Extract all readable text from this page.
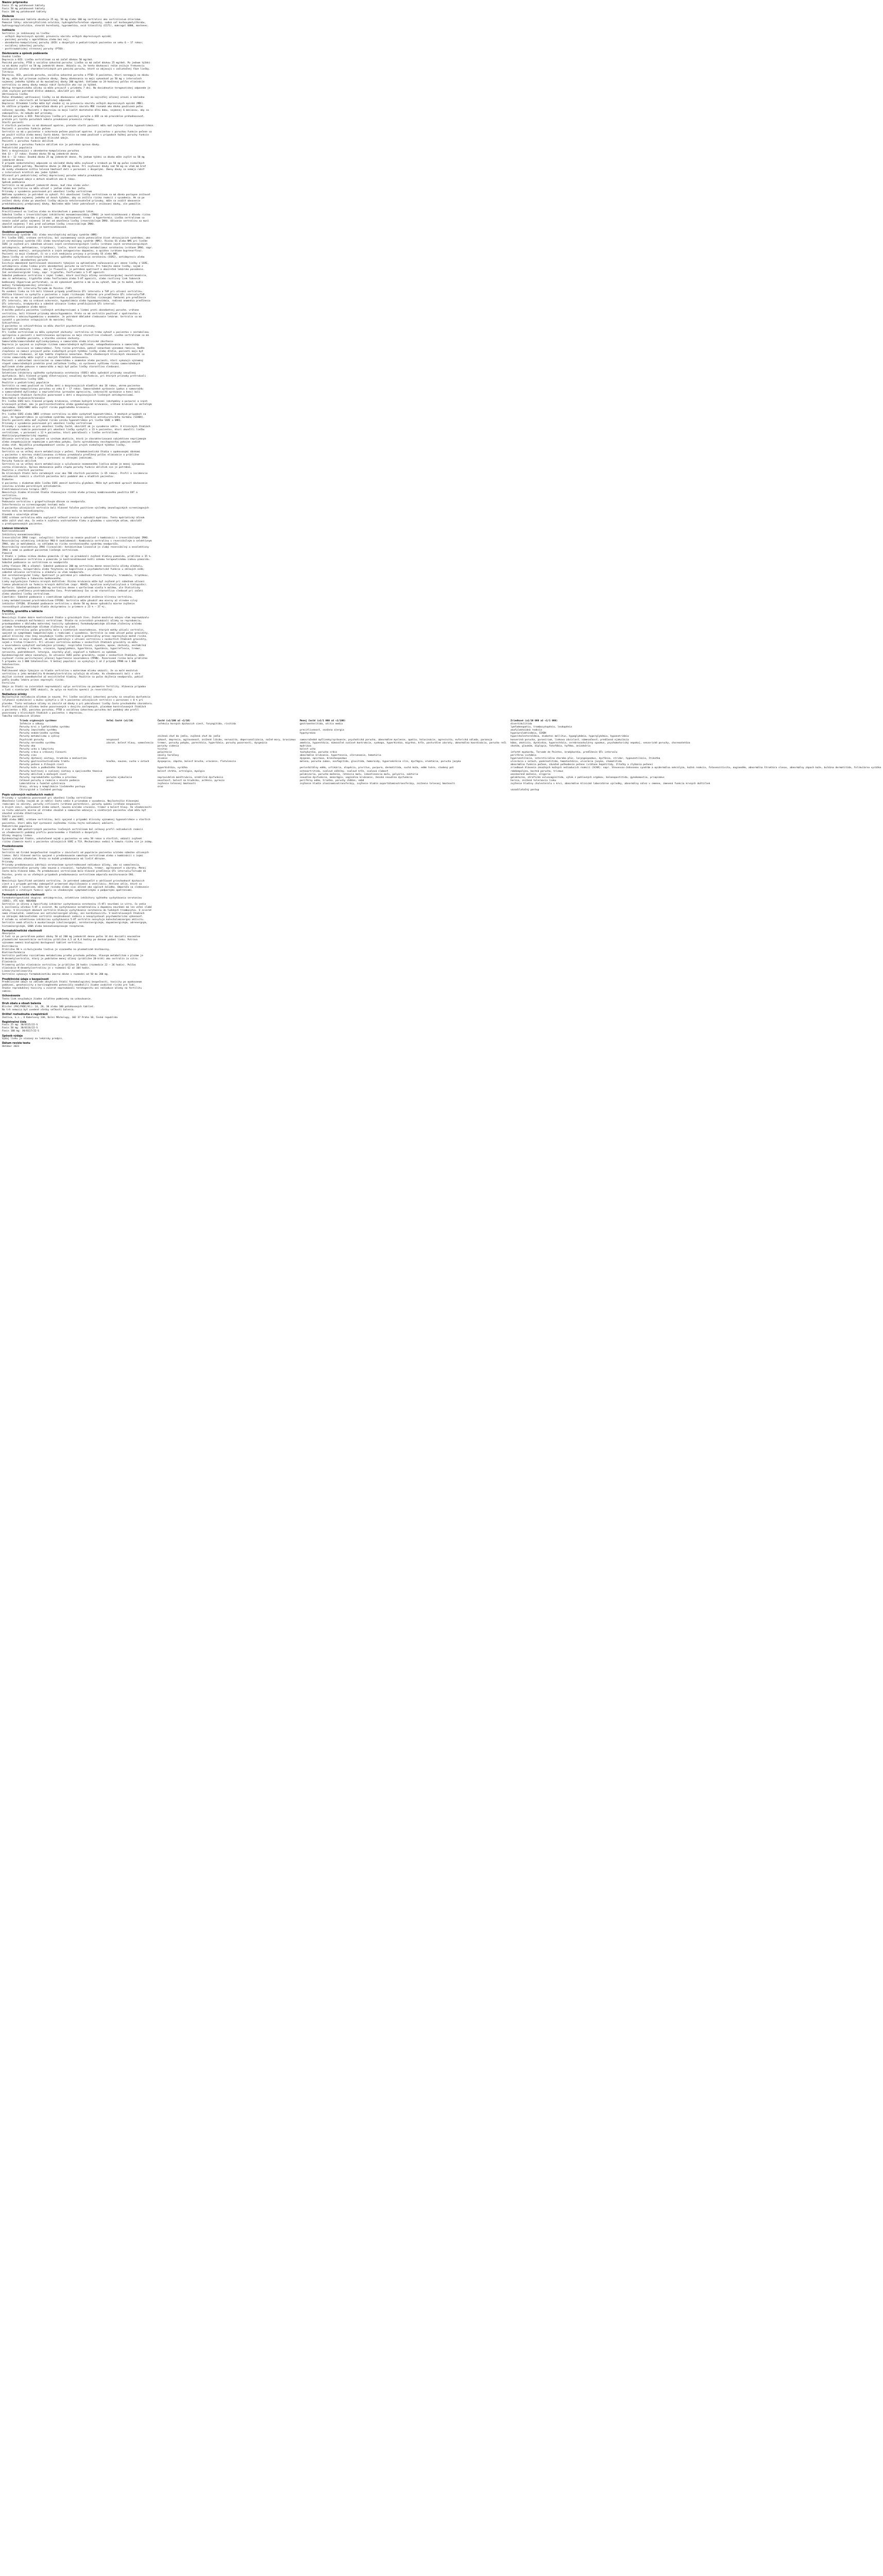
Nazov pripravku
Foxis 25 mg potahované tablety
Foxis 50 mg potahované tablety
Foxis 100 mg potahované tablety
Zloženie
Kazda potahovaná tableta obsahuje 25 mg, 50 mg alebo 100 mg sertralini ako sertralinium chloridum.
Pomocné látky: mikrokryštalická celulóza, hydrogénfosforečnan vápenatý, sodná soľ karboxymetylškrobu,
hydroxypropylcelulóza, stearát horečnatý, hypromelóza, oxid titaničitý (E171), makrogol 6000, mastenec.
Indikácie
Sertralín je indikovaný na liečbu:
- veľkých depresívnych epizód; prevenciu návratu veľkých depresívnych epizód;
- panickej poruchy s agorafóbiou alebo bez nej;
- obsedantno-kompulzívnej poruchy (OCD) u dospelých a pediatrických pacientov vo veku 6 – 17 rokov;
- sociálnej úzkostnej poruchy;
- posttraumatickej stresovej poruchy (PTSD).
Dávkovanie a spôsob podávania
Úvodná liečba
Depresia a OCD: Liečba sertralínom sa má začať dávkou 50 mg/deň.
Panická porucha, PTSD a sociálna úzkostná porucha: Liečba sa má začať dávkou 25 mg/deň. Po jednom týždni
sa má dávka zvýšiť na 50 mg jedenkrát denne. Ukázalo sa, že tento dávkovací režim znižuje frekvenciu
nežiaducich účinkov charakteristických pre panickú poruchu, ktoré sa objavujú v začiatočnej fáze liečby.
Titrácia
Depresia, OCD, panická porucha, sociálna úzkostná porucha a PTSD: U pacientov, ktorí nereagujú na dávku
50 mg, môže byť prínosom zvýšenie dávky. Zmeny dávkovania sa majú vykonávať po 50 mg v intervaloch
najmenej jedného týždňa až do maximálnej dávky 200 mg/deň. Vzhľadom na 24-hodinový polčas eliminácie
sertralínu sa zmeny dávky nemajú robiť častejšie ako raz za týždeň.
Nástup terapeutického účinku sa môže prejaviť v priebehu 7 dní. Na dosiahnutie terapeutickej odpovede je
však zvyčajne potrebné dlhšie obdobie, obzvlášť pri OCD.
Udržiavacia liečba
Počas dlhodobej udržiavacej liečby sa má dávkovanie udržiavať na najnižšej účinnej úrovni a následne
upravovať v závislosti od terapeutickej odpovede.
Depresia: Dlhodobá liečba môže byť vhodná aj na prevenciu návratu veľkých depresívnych epizód (MDE).
Vo väčšine prípadov je odporúčaná dávka pri prevencii návratu MDE rovnaká ako dávka používaná počas
súčasnej epizódy. Pacienti s depresiou sa majú liečiť dostatočne dlhú dobu, najmenej 6 mesiacov, aby sa
zabezpečilo, že nebudú mať príznaky.
Panická porucha a OCD: Pokračujúca liečba pri panickej poruche a OCD sa má pravidelne prehodnocovať,
pretože pri týchto poruchách nebola preukázaná prevencia relapsu.
Starší pacienti
U starších pacientov sa má dávkovať opatrne, pretože starší pacienti môžu mať zvýšené riziko hyponatriémie.
Pacienti s poruchou funkcie pečene
Sertralín sa má u pacientov s ochorením pečene používať opatrne. U pacientov s poruchou funkcie pečene sa
má použiť nižšia alebo menej častá dávka. Sertralín sa nemá používať v prípadoch ťažkej poruchy funkcie
pečene, pretože nie sú dostupné klinické údaje.
Pacienti s poruchou funkcie obličiek
U pacientov s poruchou funkcie obličiek nie je potrebná úprava dávky.
Pediatrická populácia
Deti a dospievajúci s obsedantno-kompulzívnou poruchou
Vek 13 – 17 rokov: Úvodná dávka 50 mg jedenkrát denne.
Vek 6 – 12 rokov: Úvodná dávka 25 mg jedenkrát denne. Po jednom týždni sa dávka môže zvýšiť na 50 mg
jedenkrát denne.
V prípade nedostatočnej odpovede sa následné dávky môžu zvyšovať v krokoch po 50 mg počas niekoľkých
týždňov podľa potreby. Maximálna dávka je 200 mg denne. Pri zvyšovaní dávky nad 50 mg sa však má brať
do úvahy všeobecne nižšia telesná hmotnosť detí v porovnaní s dospelými. Zmeny dávky sa nemajú robiť
v intervaloch kratších ako jeden týždeň.
Účinnosť pri pediatrickej veľkej depresívnej poruche nebola preukázaná.
Nie sú dostupné údaje o deťoch mladších ako 6 rokov.
Spôsob podávania
Sertralín sa má podávať jedenkrát denne, buď ráno alebo večer.
Tablety sertralínu sa môžu užívať s jedlom alebo bez jedla.
Príznaky z vysadenia pozorované pri ukončení liečby sertralínom
Náhlemu vysadeniu je potrebné sa vyhnúť. Pri ukončovaní liečby sertralínom sa má dávka postupne znižovať
počas obdobia najmenej jedného až dvoch týždňov, aby sa znížilo riziko reakcií z vysadenia. Ak sa po
znížení dávky alebo po ukončení liečby objavia netolerovateľné príznaky, môže sa zvážiť obnovenie
predchádzajúcej predpísanej dávky. Následne môže lekár pokračovať v znižovaní dávky, ale pomalšie.
Kontraindikácie
Precitlivenosť na liečivo alebo na ktorúkoľvek z pomocných látok.
Súbežná liečba s ireverzibilnými inhibítormi monoaminooxidázy (IMAO) je kontraindikovaná z dôvodu rizika
serotonínového syndrómu s príznakmi, ako je agitovanosť, tremor a hypertermia. Liečba sertralínom sa
nesmie začať počas najmenej 14 dní od ukončenia liečby ireverzibilným IMAO. Užívanie sertralínu sa musí
ukončiť najmenej 7 dní pred začiatkom liečby ireverzibilným IMAO.
Súbežné užívanie pimozidu je kontraindikované.
Osobitné upozornenia
Serotonínový syndróm (SS) alebo neuroleptický malígny syndróm (NMS)
Pri liečbe SSRI, vrátane sertralínu, bol zaznamenaný vznik potenciálne život ohrozujúcich syndrómov, ako
je serotonínový syndróm (SS) alebo neuroleptický malígny syndróm (NMS). Riziko SS alebo NMS pri liečbe
SSRI je zvýšené pri súbežnom užívaní iných serotonínergických liečiv (vrátane iných serotonínergických
antidepresív, amfetamínov, triptánov), liečiv, ktoré narúšajú metabolizmus serotonínu (vrátane IMAO, napr.
metylénovej modrej), antipsychotík a iných antagonistov dopamínu, a opiátov (vrátane buprenorfínu).
Pacienti sa majú sledovať, či sa u nich neobjavia prejavy a príznaky SS alebo NMS.
Zmena liečby zo selektívnych inhibítorov spätného vychytávania serotonínu (SSRI), antidepresív alebo
liekov proti obsedantnej poruche
Existujú obmedzené kontrolované skúsenosti týkajúce sa optimálneho načasovania pri zmene liečby z SSRI,
antidepresív alebo liekov proti obsedantnej poruche na sertralín. Pri takejto zmene liečby, najmä z
dlhodobo pôsobiacich liekov, ako je fluoxetín, je potrebná opatrnosť a obozretné lekárske posúdenie.
Iné serotonínergické lieky, napr. tryptofán, fenfluramín a 5-HT agonisti
Súbežné podávanie sertralínu s inými liekmi, ktoré zosilňujú účinky serotonínergickej neurotransmisie,
ako sú amfetamíny, tryptofán alebo fenfluramín alebo 5-HT agonisti, alebo rastlinný liek ľubovník
bodkovaný (Hypericum perforatum), sa má vykonávať opatrne a má sa mu vyhnúť, kde je to možné, kvôli
možnej farmakodynamickej interakcii.
Predĺženie QTc intervalu/Torsade de Pointes (TdP)
Po uvedení lieku na trh boli hlásené prípady predĺženia QTc intervalu a TdP pri užívaní sertralínu.
Väčšina hlásení sa vyskytla u pacientov s inými rizikovými faktormi pre predĺženie QTc intervalu/TdP.
Preto sa má sertralín používať s opatrnosťou u pacientov s ďalšími rizikovými faktormi pre predĺženie
QTc intervalu, ako sú srdcové ochorenie, hypokaliémia alebo hypomagneziémia, rodinná anamnéza predĺženia
QTc intervalu, bradykardia a súbežné užívanie liekov predlžujúcich QTc interval.
Aktivácia hypománie alebo mánie
U malého podielu pacientov liečených antidepresívami a liekmi proti obsedantnej poruche, vrátane
sertralínu, boli hlásené príznaky mánie/hypománie. Preto sa má sertralín používať s opatrnosťou u
pacientov s mániou/hypomániou v anamnéze. Je potrebné dôkladné sledovanie lekárom. Sertralín sa má
vysadiť u pacientov vstupujúcich do manickej fázy.
Schizofrénia
U pacientov so schizofréniou sa môžu zhoršiť psychotické príznaky.
Epileptické záchvaty
Pri liečbe sertralínom sa môžu vyskytnúť záchvaty: sertralínu sa treba vyhnúť u pacientov s nestabilnou
epilepsiou a pacienti s kontrolovanou epilepsiou sa majú starostlivo sledovať. Liečba sertralínom sa má
ukončiť u každého pacienta, u ktorého vzniknú záchvaty.
Samovražda/samovražedné myšlienky/pokusy o samovraždu alebo klinické zhoršenie
Depresia je spojená so zvýšeným rizikom samovražedných myšlienok, sebapoškodzovania a samovraždy
(udalosti súvisiace so samovraždou). Toto riziko pretrváva, pokiaľ nenastane významná remisia. Keďže
zlepšenie sa nemusí prejaviť počas niekoľkých prvých týždňov liečby alebo dlhšie, pacienti majú byť
starostlivo sledovaní, až kým takéto zlepšenie nenastane. Podľa všeobecných klinických skúseností sa
riziko samovraždy môže zvýšiť v skorých štádiách zotavovania.
Pacienti s udalosťami súvisiacimi so samovraždou v anamnéze alebo pacienti, ktorí vykazujú významný
stupeň samovražedných predstáv pred začiatkom liečby, sú vystavení vyššiemu riziku samovražedných
myšlienok alebo pokusov o samovraždu a majú byť počas liečby starostlivo sledovaní.
Sexuálna dysfunkcia
Selektívne inhibítory spätného vychytávania serotonínu (SSRI) môžu spôsobiť príznaky sexuálnej
dysfunkcie. Boli hlásené prípady dlhotrvajúcej sexuálnej dysfunkcie, pri ktorých príznaky pretrvávali
napriek ukončeniu liečby SSRI.
Použitie u pediatrickej populácie
Sertralín sa nemá používať na liečbu detí a dospievajúcich mladších ako 18 rokov, okrem pacientov
s obsedantno-kompulzívnou poruchou vo veku 6 – 17 rokov. Samovražedné správanie (pokus o samovraždu
a samovražedné myšlienky) a nepriateľstvo (prevažne agresivita, vzdorovité správanie a hnev) boli
v klinických štúdiách častejšie pozorované u detí a dospievajúcich liečených antidepresívami.
Abnormálne krvácanie/krvácanie
Pri liečbe SSRI boli hlásené prípady krvácania, vrátane kožných krvácaní (ekchymózy a purpura) a iných
krvácavých príhod, ako je gastrointestinálne alebo gynekologické krvácanie, vrátane krvácaní so smrteľným
následkom. SSRI/SNRI môžu zvýšiť riziko popôrodného krvácania.
Hyponatriémia
Pri liečbe SSRI alebo SNRI vrátane sertralínu sa môže vyskytnúť hyponatriémia. V mnohých prípadoch sa
javí, že hyponatriémia je výsledkom syndrómu neprimeranej sekrécie antidiuretického hormónu (SIADH).
Starší pacienti môžu mať zvýšené riziko vzniku hyponatriémie pri liečbe SSRI a SNRI.
Príznaky z vysadenia pozorované pri ukončení liečby sertralínom
Príznaky z vysadenia sú pri ukončení liečby časté, obzvlášť ak je vysadenie náhle. V klinických štúdiách
sa nežiaduce reakcie pozorované pri ukončení liečby vyskytli u 23 % pacientov, ktorí ukončili liečbu
sertralínom, v porovnaní s 12 % pacientov, ktorí pokračovali v liečbe sertralínom.
Akatízia/psychomotorický nepokoj
Užívanie sertralínu je spojené so vznikom akatízie, ktorá je charakterizovaná subjektívne nepríjemným
alebo znepokojujúcim nepokojom a potrebou pohybu, často sprevádzanou neschopnosťou pokojne sedieť
alebo stáť. Najväčšia pravdepodobnosť vzniku je počas prvých niekoľkých týždňov liečby.
Porucha funkcie pečene
Sertralín sa vo veľkej miere metabolizuje v pečeni. Farmakokinetická štúdia s opakovanými dávkami
u pacientov s miernou stabilizovanou cirhózou preukázala predĺžený polčas eliminácie a približne
trojnásobne vyššiu AUC a Cmax v porovnaní so zdravými jedincami.
Porucha funkcie obličiek
Sertralín sa vo veľkej miere metabolizuje a vylučovanie nezmeneného liečiva močom je menej významnou
cestou eliminácie. Úprava dávkovania podľa stupňa poruchy funkcie obličiek nie je potrebná.
Použitie u starších pacientov
Do klinických štúdií bolo zaradených viac ako 700 starších pacientov (> 65 rokov). Profil a incidencia
nežiaducich reakcií u starších pacientov boli podobné ako u mladších pacientov.
Diabetes
U pacientov s diabetom môže liečba SSRI zmeniť kontrolu glykémie. Môže byť potrebné upraviť dávkovanie
inzulínu a/alebo perorálnych antidiabetík.
Elektrokonvulzívna terapia (EKT)
Neexistujú žiadne klinické štúdie stanovujúce riziká alebo prínosy kombinovaného použitia EKT a
sertralínu.
Grapefruitový džús
Podávanie sertralínu s grapefruitovým džúsom sa neodporúča.
Interferencia so screeningovými testami moču
U pacientov užívajúcich sertralín boli hlásené falošne pozitívne výsledky imunologických screeningových
testov moču na benzodiazepíny.
Glaukóm s uzavretým uhlom
SSRI vrátane sertralínu môžu ovplyvniť veľkosť zrenice a spôsobiť mydriázu. Tento mydriatický účinok
môže zúžiť uhol oka, čo vedie k zvýšeniu vnútroočného tlaku a glaukómu s uzavretým uhlom, obzvlášť
u predisponovaných pacientov.
Liekové interakcie
Kontraindikované
Inhibítory monoaminooxidázy
Ireverzibilné IMAO (napr. selegilín): Sertralín sa nesmie používať v kombinácii s ireverzibilnými IMAO.
Reverzibilný selektívny inhibítor MAO-A (moklobemid): Kombinácia sertralínu s reverzibilným a selektívnym
IMAO, ako je moklobemid, sa vzhľadom na riziko serotonínového syndrómu neodporúča.
Reverzibilný neselektívny IMAO (linezolid): Antibiotikum linezolid je slabý reverzibilný a neselektívny
IMAO a nemá sa podávať pacientom liečeným sertralínom.
Pimozid
V štúdii s jednou nízkou dávkou pimozidu (2 mg) sa preukázali zvýšené hladiny pimozidu, približne o 35 %.
Súbežné podávanie sertralínu a pimozidu je kontraindikované kvôli úzkemu terapeutickému indexu pimozidu.
Súbežné podávanie so sertralínom sa neodporúča
Látky tlmiace CNS a alkohol: Súbežné podávanie 200 mg sertralínu denne nezosilnilo účinky alkoholu,
karbamazepínu, haloperidolu alebo fenytoínu na kognitívne a psychomotorické funkcie u zdravých osôb;
súbežné užívanie sertralínu a alkoholu sa však neodporúča.
Iné serotonínergické lieky: Opatrnosť je potrebná pri súbežnom užívaní fentanylu, tramadolu, triptánov,
lítia, tryptofánu a ľubovníka bodkovaného.
Lieky ovplyvňujúce funkciu krvných doštičiek: Riziko krvácania môže byť zvýšené pri súbežnom užívaní
liekov pôsobiacich na funkciu krvných doštičiek (napr. NSAID, kyselina acetylsalicylová a tiklopidín).
Warfarín: Súbežné podávanie 200 mg sertralínu denne s warfarínom viedlo k malému, ale štatisticky
významnému predĺženiu protrombínového času. Protrombínový čas sa má starostlivo sledovať pri začatí
alebo ukončení liečby sertralínom.
Cimetidín: Súbežné podávanie s cimetidínom spôsobilo podstatné zníženie klírensu sertralínu.
Lieky metabolizované prostredníctvom CYP2D6: Sertralín môže pôsobiť ako mierny až stredne silný
inhibítor CYP2D6. Dlhodobé podávanie sertralínu v dávke 50 mg denne spôsobilo mierne zvýšenie
rovnovážnych plazmatických hladín dezipramínu (v priemere o 23 % – 37 %).
Fertilita, gravidita a laktácia
Gravidita
Neexistujú žiadne dobre kontrolované štúdie u gravidných žien. Značné množstvo údajov však nepreukázalo
indukciu vrodených malformácií sertralínom. Štúdie na zvieratách preukázali účinky na reprodukciu,
pravdepodobne v dôsledku materskej toxicity spôsobenej farmakodynamickým účinkom zlúčeniny a/alebo
priamym farmakodynamickým účinkom zlúčeniny na plod.
Užívanie sertralínu počas gravidity bolo u niektorých novorodencov, ktorých matky užívali sertralín,
spojené so symptómami kompatibilnými s reakciami z vysadenia. Sertralín sa nemá užívať počas gravidity,
pokiaľ klinický stav ženy nevyžaduje liečbu sertralínom a potenciálny prínos neprevyšuje možné riziko.
Novorodenci sa majú sledovať, ak matka pokračuje v užívaní sertralínu v neskorších štádiách gravidity,
najmä v treťom trimestri. Pri užívaní sertralínu matkou v neskorších štádiách gravidity sa môžu
u novorodenca vyskytnúť nasledujúce príznaky: respiračná tieseň, cyanóza, apnoe, záchvaty, nestabilná
teplota, problémy s kŕmením, vracanie, hypoglykémia, hypertónia, hypotónia, hyperreflexia, tremor,
nervozita, podráždenosť, letargia, neustály plač, ospalosť a ťažkosti so spánkom.
Epidemiologické údaje naznačujú, že užívanie SSRI počas gravidity, najmä v neskorších štádiách, môže
zvyšovať riziko perzistujúcej pľúcnej hypertenzie novorodenca (PPHN). Pozorované riziko bolo približne
5 prípadov na 1 000 tehotenstiev. V bežnej populácii sa vyskytujú 1 až 2 prípady PPHN na 1 000
tehotenstiev.
Dojčenie
Publikované údaje týkajúce sa hladín sertralínu v materskom mlieku ukázali, že sa malé množstvá
sertralínu a jeho metabolitu N-desmetylsertralínu vylučujú do mlieka. Vo všeobecnosti boli v sére
dojčiat zistené zanedbateľné až nezistiteľné hladiny. Použitie sa počas dojčenia neodporúča, pokiaľ
podľa úsudku lekára prínos neprevýši riziko.
Fertilita
Údaje zo štúdií na zvieratách nepreukázali vplyv sertralínu na parametre fertility. Hlásenia prípadov
u ľudí s niektorými SSRI ukázali, že vplyv na kvalitu spermií je reverzibilný.
Nežiaduce účinky
Najčastejším nežiaducim účinkom je nauzea. Pri liečbe sociálnej úzkostnej poruchy sa sexuálna dysfunkcia
(zlyhanie ejakulácie) u mužov vyskytla u 14 % pacientov užívajúcich sertralín v porovnaní s 0 % pri
placebe. Tieto nežiaduce účinky sú závislé od dávky a pri pokračovaní liečby často prechodného charakteru.
Profil nežiaducich účinkov bežne pozorovaných v dvojito zaslepených, placebom kontrolovaných štúdiách
u pacientov s OCD, panickou poruchou, PTSD a sociálnou úzkostnou poruchou bol podobný ako profil
pozorovaný v klinických štúdiách u pacientov s depresiou.
Tabuľka nežiaducich účinkov
Trieda orgánových systémov	Veľmi časté (≥1/10)	Časté (≥1/100 až <1/10)	Menej časté (≥1/1 000 až <1/100)	Zriedkavé (≥1/10 000 až <1/1 000)
Infekcie a nákazy		infekcia horných dýchacích ciest, faryngitída, rinitída	gastroenteritída, otitis media	divertikulitída
Poruchy krvi a lymfatického systému				lymfadenopatia, trombocytopénia, leukopénia
Poruchy imunitného systému			precitlivenosť, sezónna alergia	anafylaktoidná reakcia
Poruchy endokrinného systému			hypotyreóza	hyperprolaktinémia, SIADH
Poruchy metabolizmu a výživy		znížená chuť do jedla, zvýšená chuť do jedla		hypercholesterolémia, diabetes mellitus, hypoglykémia, hyperglykémia, hyponatriémia
Psychické poruchy	nespavosť	úzkosť, depresia, agitovanosť, znížené libido, nervozita, depersonalizácia, nočné mory, bruxizmus	samovražedné myšlienky/správanie, psychotická porucha, abnormálne myslenie, apatia, halucinácie, agresivita, euforická nálada, paranoja	konverzná porucha, paronírium, liekova závislosť, námesačnosť, predčasná ejakulácia
Poruchy nervového systému	závrat, bolesť hlavy, somnolencia	tremor, poruchy pohybu, parestézia, hypertónia, poruchy pozornosti, dysgeúzia	amnézia, hypoestézia, mimovoľné svalové kontrakcie, synkopa, hyperkinéza, migréna, kŕče, posturálne závraty, abnormálna koordinácia, porucha reči	kóma, akatízia, dyskinéza, hyperestézia, cerebrovaskulárny spazmus, psychomotorický nepokoj, senzorické poruchy, choreoatetóza
Poruchy oka		poruchy videnia	mydriáza	skotóm, glaukóm, diplopia, fotofóbia, hyféma, anizokória
Poruchy ucha a labyrintu		tinitus	bolesť ucha	
Poruchy srdca a srdcovej činnosti		palpitácie	tachykardia, porucha srdca	infarkt myokardu, Torsade de Pointes, bradykardia, predĺženie QTc intervalu
Poruchy ciev		návaly horúčavy	abnormálne krvácanie, hypertenzia, sčervenanie, hematúria	periférna ischémia
Poruchy dýchacej sústavy, hrudníka a mediastína		zívanie	dyspnoe, epistaxa, bronchospazmus	hyperventilácia, intersticiálna choroba pľúc, laryngospazmus, dysfónia, stridor, hypoventilácia, štikútka
Poruchy gastrointestinálneho traktu	hnačka, nauzea, sucho v ústach	dyspepsia, zápcha, bolesť brucha, vracanie, flatulencia	melena, porucha zubov, ezofagitída, glositída, hemoroidy, hypersekrécia slín, dysfágia, eruktácia, porucha jazyka	ulcerácia v ústach, pankreatitída, hematochézia, ulcerácia jazyka, stomatitída
Poruchy pečene a žlčových ciest				abnormálna funkcia pečene, závažné poškodenie pečene (vrátane hepatitídy, žltačky a zlyhania pečene)
Poruchy kože a podkožného tkaniva		hyperhidróza, vyrážka	periorbitálny edém, urtikária, alopécia, pruritus, purpura, dermatitída, suchá koža, edém tváre, studený pot	zriedkavé hlásenia závažných kožných nežiaducich reakcií (SCAR): napr. Stevensov-Johnsonov syndróm a epidermálna nekrolýza, kožná reakcia, fotosenzitivita, angioedém, abnormálna štruktúra vlasov, abnormálny zápach kože, bulózna dermatitída, folikulárna vyrážka
Poruchy kostrovej a svalovej sústavy a spojivového tkaniva		bolesť chrbta, artralgia, myalgia	osteoartritída, svalové zášklby, svalové kŕče, svalová slabosť	rabdomyolýza, kostná porucha, trizmus
Poruchy obličiek a močových ciest			polakizúria, porucha močenia, retencia moču, inkontinencia moču, polyúria, noktúria	oneskorené močenie, oligúria
Poruchy reprodukčného systému a prsníkov	porucha ejakulácie	nepravidelná menštruácia, erektilná dysfunkcia	sexuálna dysfunkcia, menorágia, vaginálne krvácanie, ženská sexuálna dysfunkcia	galaktorea, atrofická vulvovaginitída, výtok z pohlavných orgánov, balanopostitída, gynekomastia, priapizmus
Celkové poruchy a reakcie v mieste podania	únava	nevoľnosť, bolesť na hrudníku, asténia, pyrexia	periférny edém, triaška, poruchy chôdze, smäd	hernia, znížená tolerancia lieku
Laboratórne a funkčné vyšetrenia		zvýšenie telesnej hmotnosti	zvýšenie hladín alanínaminotransferázy, zvýšenie hladín aspartátaminotransferázy, zníženie telesnej hmotnosti	zvýšenie hladiny cholesterolu v krvi, abnormálne klinické laboratórne výsledky, abnormálny nález v semene, zmenená funkcia krvných doštičiek
Úrazy, otravy a komplikácie liečebného postupu		úraz		
Chirurgické a liečebné postupy				vazodilatačný postup
Popis vybraných nežiaducich reakcií
Príznaky z vysadenia pozorované pri ukončení liečby sertralínom
Ukončenie liečby (najmä ak je náhle) často vedie k príznakom z vysadenia. Najčastejšie hlásenými
reakciami sú závraty, poruchy citlivosti (vrátane parestézie), poruchy spánku (vrátane nespavosti
a živých snov), agitovanosť alebo úzkosť, nauzea a/alebo vracanie, tremor a bolesť hlavy. Vo všeobecnosti
sú tieto udalosti mierne až stredne závažné a samovoľne odznejú; u niektorých pacientov však môžu byť
závažné a/alebo dlhotrvajúce.
Starší pacienti
SSRI alebo SNRI, vrátane sertralínu, boli spojené s prípadmi klinicky významnej hyponatriémie u starších
pacientov, ktorí môžu byť vystavení zvýšenému riziku tejto nežiaducej udalosti.
Pediatrická populácia
U viac ako 600 pediatrických pacientov liečených sertralínom bol celkový profil nežiaducich reakcií
vo všeobecnosti podobný profilu pozorovanému v štúdiách u dospelých.
Účinky skupiny liekov
Epidemiologické štúdie, uskutočnené najmä u pacientov vo veku 50 rokov a starších, ukázali zvýšené
riziko zlomenín kostí u pacientov užívajúcich SSRI a TCA. Mechanizmus vedúci k tomuto riziku nie je známy.
Predávkovanie
Toxicita
Sertralín má široké bezpečnostné rozpätie v závislosti od populácie pacientov a/alebo súbežne užívaných
liekov. Boli hlásené úmrtia spojené s predávkovaním samotným sertralínom alebo v kombinácii s inými
liekmi a/alebo alkoholom. Preto sa každé predávkovanie má liečiť dôrazne.
Príznaky
Príznaky predávkovania zahŕňajú serotonínom sprostredkované nežiaduce účinky, ako sú somnolencia,
gastrointestinálne poruchy (ako nauzea a vracanie), tachykardia, tremor, agitovanosť a závraty. Menej
často bola hlásená kóma. Po predávkovaní sertralínom bolo hlásené predĺženie QTc intervalu/Torsade de
Pointes, preto sa vo všetkých prípadoch predávkovania sertralínom odporúča monitorovanie EKG.
Liečba
Neexistujú špecifické antidotá sertralínu. Je potrebné zabezpečiť a udržiavať priechodnosť dýchacích
ciest a v prípade potreby zabezpečiť primerané okysličovanie a ventiláciu. Aktívne uhlie, ktoré sa
môže použiť s laxatívom, môže byť rovnako alebo viac účinné ako výplach žalúdka. Odporúča sa sledovanie
srdcových a vitálnych funkcií spolu so všeobecnými symptomatickými a podpornými opatreniami.
Farmakodynamické vlastnosti
Farmakoterapeutická skupina: antidepresíva, selektívne inhibítory spätného vychytávania serotonínu
(SSRI), ATC kód: N06AB06
Sertralín je účinný a špecifický inhibítor vychytávania serotonínu (5-HT) neurónmi in vitro, čo vedie
k zosilneniu účinkov 5-HT u zvierat. Na vychytávanie noradrenalínu a dopamínu neurónmi má len veľmi slabé
účinky. V klinických dávkach sertralín blokuje vychytávanie serotonínu do ľudských trombocytov. U zvierat
nemá stimulačné, sedatívne ani anticholinergné účinky, ani kardiotoxicitu. V kontrolovaných štúdiách
so zdravými dobrovoľníkmi sertralín nespôsoboval sedáciu a neovplyvňoval psychomotorickú výkonnosť.
V súlade so selektívnou inhibíciou vychytávania 5-HT sertralín nezvyšuje katecholaminergnú aktivitu.
Sertralín nemá afinitu k muskarínovým (cholinergným), serotonínergickým, dopamínergickým, adrenergným,
histamínergickým, GABA alebo benzodiazepínovým receptorom.
Farmakokinetické vlastnosti
Absorpcia
U ľudí sa po perorálnom podaní dávky 50 až 200 mg jedenkrát denne počas 14 dní dosiahli maximálne
plazmatické koncentrácie sertralínu približne 4,5 až 8,4 hodiny po dennom podaní lieku. Potrava
významne nemení biologickú dostupnosť tabliet sertralínu.
Distribúcia
Približne 98 % cirkulujúceho liečiva je viazaného na plazmatické bielkoviny.
Biotransformácia
Sertralín podlieha rozsiahlemu metabolizmu prvého prechodu pečeňou. Hlavným metabolitom v plazme je
N-desmetylsertralín, ktorý je podstatne menej účinný (približne 20-krát) ako sertralín in vitro.
Eliminácia
Priemerný polčas eliminácie sertralínu je približne 26 hodín (rozmedzie 22 – 36 hodín). Polčas
eliminácie N-desmetylsertralínu je v rozmedzí 62 až 104 hodín.
Linearita/nelinearita
Sertralín vykazuje farmakokinetiku úmernú dávke v rozmedzí od 50 do 200 mg.
Predklinické údaje o bezpečnosti
Predklinické údaje na základe obvyklých štúdií farmakologickej bezpečnosti, toxicity po opakovanom
podávaní, genotoxicity a karcinogénneho potenciálu neodhalili žiadne osobitné riziko pre ľudí.
Štúdie reprodukčnej toxicity u zvierat nepreukázali teratogenitu ani nežiaduce účinky na fertilitu
samcov.
Uchovávanie
Tento liek nevyžaduje žiadne zvláštne podmienky na uchovávanie.
Druh obalu a obsah balenia
Blister (PVC/PVDC/Al): 14, 28, 30 alebo 100 potahovaných tabliet.
Na trh nemusia byť uvedené všetky veľkosti balenia.
Držiteľ rozhodnutia o registrácii
Zentiva, k.s., U Kabelovny 130, Dolní Měcholupy, 102 37 Praha 10, Česká republika
Registračné čísla
Foxis 25 mg: 30/0115/22-S
Foxis 50 mg: 30/0116/22-S
Foxis 100 mg: 30/0117/22-S
Spôsob výdaja
Výdaj lieku je viazaný na lekársky predpis.
Dátum revízie textu
Október 2023
